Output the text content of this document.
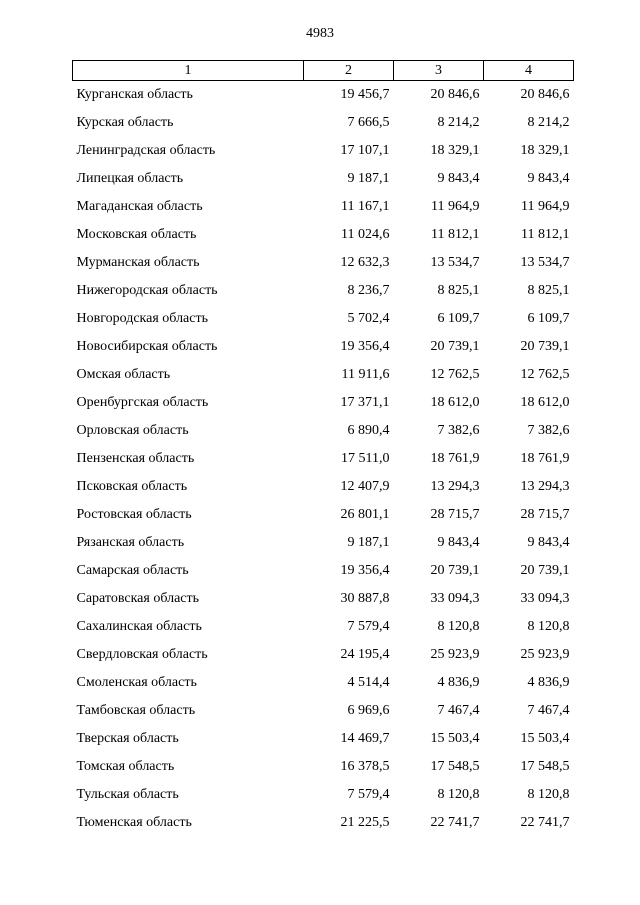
4983
1	2	3	4
Курганская область	19 456,7	20 846,6	20 846,6
Курская область	7 666,5	8 214,2	8 214,2
Ленинградская область	17 107,1	18 329,1	18 329,1
Липецкая область	9 187,1	9 843,4	9 843,4
Магаданская область	11 167,1	11 964,9	11 964,9
Московская область	11 024,6	11 812,1	11 812,1
Мурманская область	12 632,3	13 534,7	13 534,7
Нижегородская область	8 236,7	8 825,1	8 825,1
Новгородская область	5 702,4	6 109,7	6 109,7
Новосибирская область	19 356,4	20 739,1	20 739,1
Омская область	11 911,6	12 762,5	12 762,5
Оренбургская область	17 371,1	18 612,0	18 612,0
Орловская область	6 890,4	7 382,6	7 382,6
Пензенская область	17 511,0	18 761,9	18 761,9
Псковская область	12 407,9	13 294,3	13 294,3
Ростовская область	26 801,1	28 715,7	28 715,7
Рязанская область	9 187,1	9 843,4	9 843,4
Самарская область	19 356,4	20 739,1	20 739,1
Саратовская область	30 887,8	33 094,3	33 094,3
Сахалинская область	7 579,4	8 120,8	8 120,8
Свердловская область	24 195,4	25 923,9	25 923,9
Смоленская область	4 514,4	4 836,9	4 836,9
Тамбовская область	6 969,6	7 467,4	7 467,4
Тверская область	14 469,7	15 503,4	15 503,4
Томская область	16 378,5	17 548,5	17 548,5
Тульская область	7 579,4	8 120,8	8 120,8
Тюменская область	21 225,5	22 741,7	22 741,7
